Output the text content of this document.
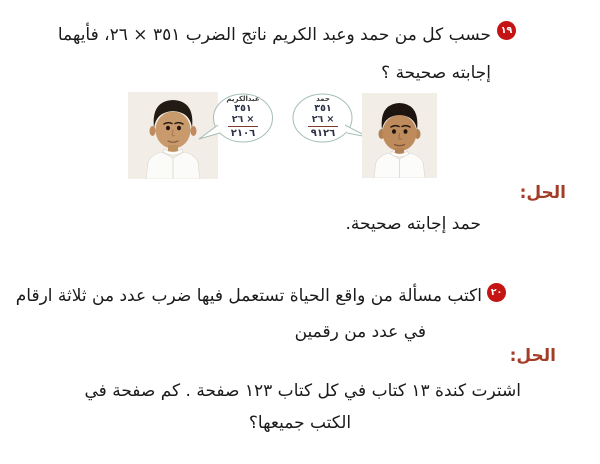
١٩
حسب كل من حمد وعبد الكريم ناتج الضرب ٣٥١ × ٢٦، فأيهما
إجابته صحيحة ؟
عبدالكريم
٣٥١
×
٢٦
٢١٠٦
حمد
٣٥١
×
٢٦
٩١٢٦
الحل:
حمد إجابته صحيحة.
٢٠
اكتب مسألة من واقع الحياة تستعمل فيها ضرب عدد من ثلاثة ارقام
في عدد من رقمين
الحل:
اشترت كندة ١٣ كتاب في كل كتاب ١٢٣ صفحة . كم صفحة في
الكتب جميعها؟
